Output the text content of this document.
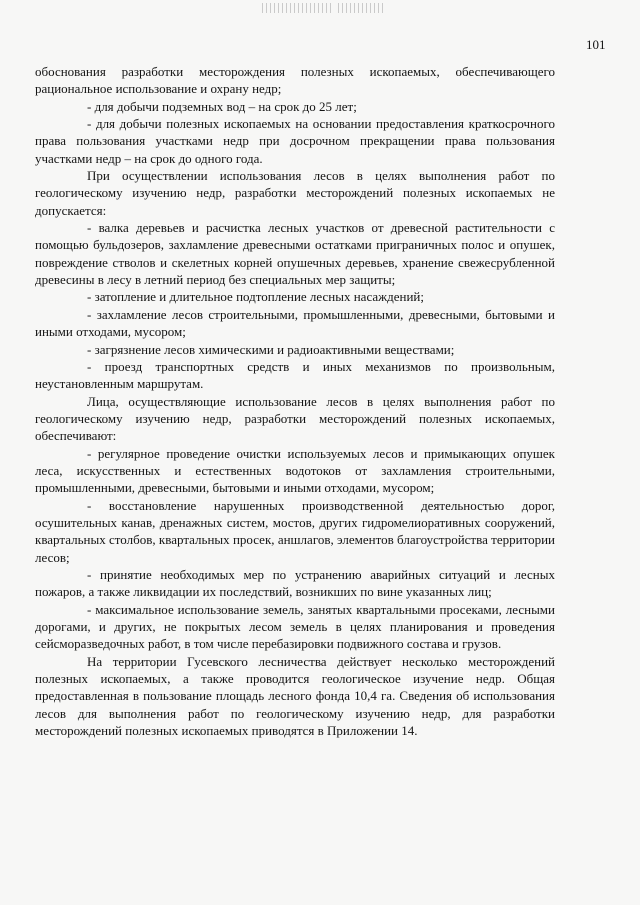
101

обоснования разработки месторождения полезных ископаемых, обеспечивающего рациональное использование и охрану недр;

- для добычи подземных вод – на срок до 25 лет;

- для добычи полезных ископаемых на основании предоставления краткосрочного права пользования участками недр при досрочном прекращении права пользования участками недр – на срок до одного года.

При осуществлении использования лесов в целях выполнения работ по геологическому изучению недр, разработки месторождений полезных ископаемых не допускается:

- валка деревьев и расчистка лесных участков от древесной растительности с помощью бульдозеров, захламление древесными остатками приграничных полос и опушек, повреждение стволов и скелетных корней опушечных деревьев, хранение свежесрубленной древесины в лесу в летний период без специальных мер защиты;

- затопление и длительное подтопление лесных насаждений;

- захламление лесов строительными, промышленными, древесными, бытовыми и иными отходами, мусором;

- загрязнение лесов химическими и радиоактивными веществами;

- проезд транспортных средств и иных механизмов по произвольным, неустановленным маршрутам.

Лица, осуществляющие использование лесов в целях выполнения работ по геологическому изучению недр, разработки месторождений полезных ископаемых, обеспечивают:

- регулярное проведение очистки используемых лесов и примыкающих опушек леса, искусственных и естественных водотоков от захламления строительными, промышленными, древесными, бытовыми и иными отходами, мусором;

- восстановление нарушенных производственной деятельностью дорог, осушительных канав, дренажных систем, мостов, других гидромелиоративных сооружений, квартальных столбов, квартальных просек, аншлагов, элементов благоустройства территории лесов;

- принятие необходимых мер по устранению аварийных ситуаций и лесных пожаров, а также ликвидации их последствий, возникших по вине указанных лиц;

- максимальное использование земель, занятых квартальными просеками, лесными дорогами, и других, не покрытых лесом земель в целях планирования и проведения сейсморазведочных работ, в том числе перебазировки подвижного состава и грузов.

На территории Гусевского лесничества действует несколько месторождений полезных ископаемых, а также проводится геологическое изучение недр. Общая предоставленная в пользование площадь лесного фонда 10,4 га. Сведения об использования лесов для выполнения работ по геологическому изучению недр, для разработки месторождений полезных ископаемых приводятся в Приложении 14.
